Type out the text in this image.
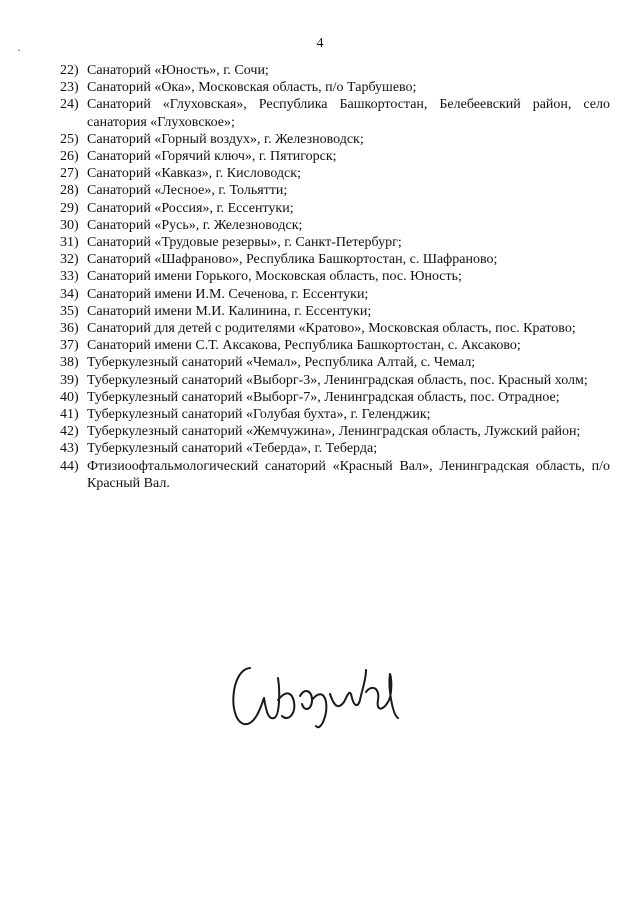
·	4
22) Санаторий «Юность», г. Сочи;
23) Санаторий «Ока», Московская область, п/о Тарбушево;
24) Санаторий «Глуховская», Республика Башкортостан, Белебеевский район, село санатория «Глуховское»;
25) Санаторий «Горный воздух», г. Железноводск;
26) Санаторий «Горячий ключ», г. Пятигорск;
27) Санаторий «Кавказ», г. Кисловодск;
28) Санаторий «Лесное», г. Тольятти;
29) Санаторий «Россия», г. Ессентуки;
30) Санаторий «Русь», г. Железноводск;
31) Санаторий «Трудовые резервы», г. Санкт-Петербург;
32) Санаторий «Шафраново», Республика Башкортостан, с. Шафраново;
33) Санаторий имени Горького, Московская область, пос. Юность;
34) Санаторий имени И.М. Сеченова, г. Ессентуки;
35) Санаторий имени М.И. Калинина, г. Ессентуки;
36) Санаторий для детей с родителями «Кратово», Московская область, пос. Кратово;
37) Санаторий имени С.Т. Аксакова, Республика Башкортостан, с. Аксаково;
38) Туберкулезный санаторий «Чемал», Республика Алтай, с. Чемал;
39) Туберкулезный санаторий «Выборг-3», Ленинградская область, пос. Красный холм;
40) Туберкулезный санаторий «Выборг-7», Ленинградская область, пос. Отрадное;
41) Туберкулезный санаторий «Голубая бухта», г. Геленджик;
42) Туберкулезный санаторий «Жемчужина», Ленинградская область, Лужский район;
43) Туберкулезный санаторий «Теберда», г. Теберда;
44) Фтизиоофтальмологический санаторий «Красный Вал», Ленинградская область, п/о Красный Вал.
